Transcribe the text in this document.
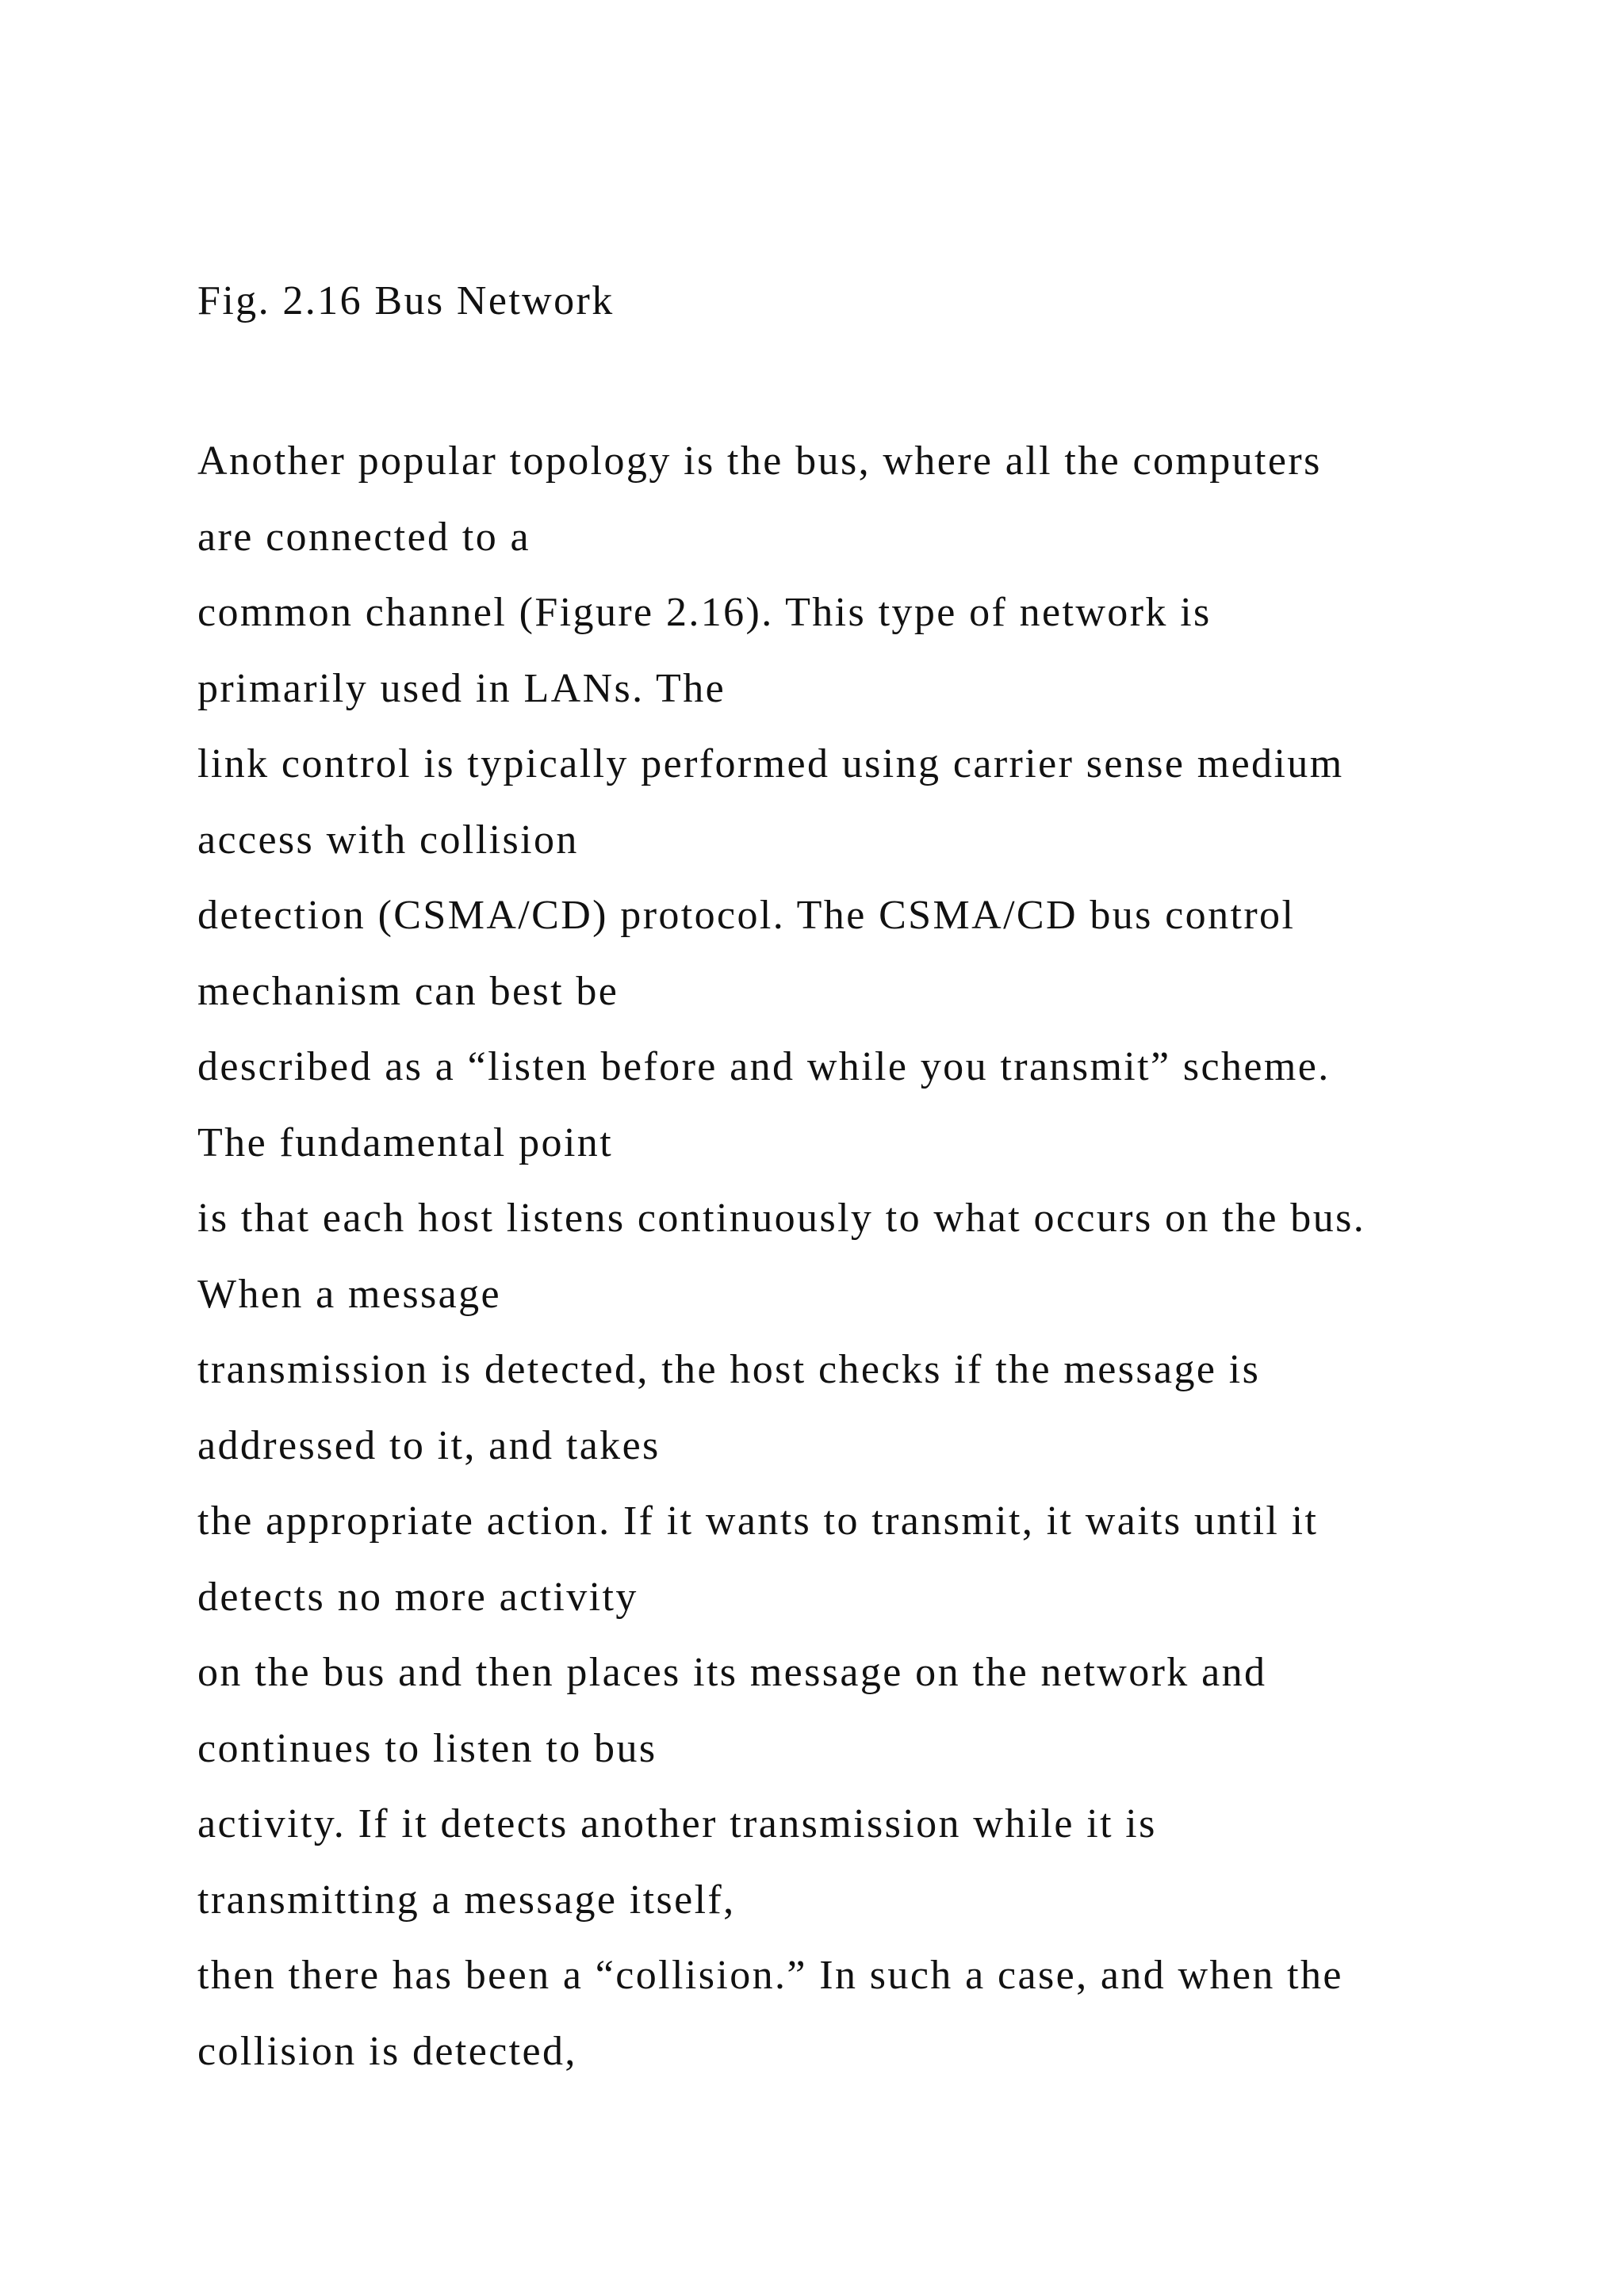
Fig. 2.16 Bus Network
Another popular topology is the bus, where all the computers
are connected to a
common channel (Figure 2.16). This type of network is
primarily used in LANs. The
link control is typically performed using carrier sense medium
access with collision
detection (CSMA/CD) protocol. The CSMA/CD bus control
mechanism can best be
described as a “listen before and while you transmit” scheme.
The fundamental point
is that each host listens continuously to what occurs on the bus.
When a message
transmission is detected, the host checks if the message is
addressed to it, and takes
the appropriate action. If it wants to transmit, it waits until it
detects no more activity
on the bus and then places its message on the network and
continues to listen to bus
activity. If it detects another transmission while it is
transmitting a message itself,
then there has been a “collision.” In such a case, and when the
collision is detected,
